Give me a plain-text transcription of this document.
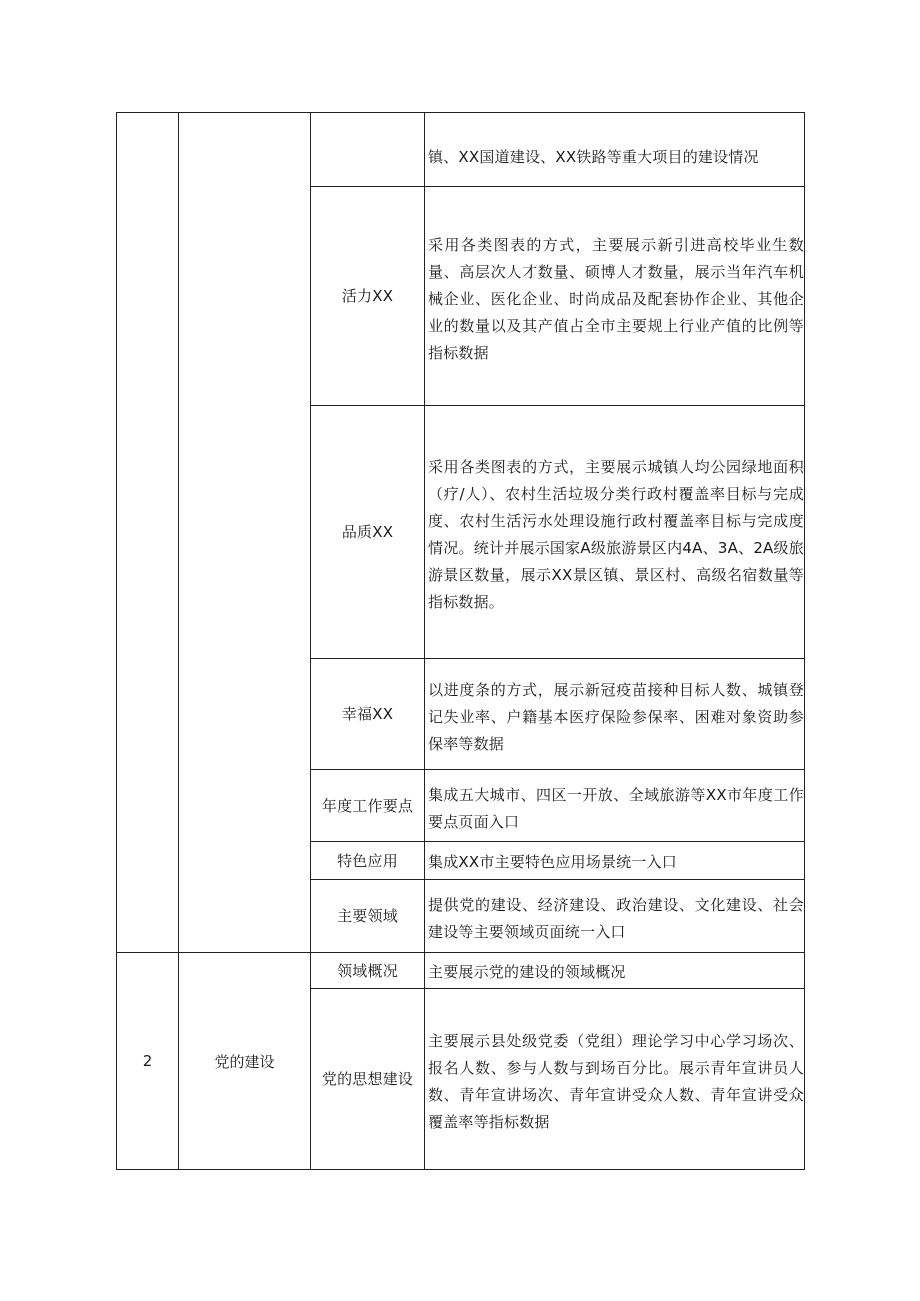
			镇、XX国道建设、XX铁路等重大项目的建设情况

		活力XX	采用各类图表的方式，主要展示新引进高校毕业生数量、高层次人才数量、硕博人才数量，展示当年汽车机械企业、医化企业、时尚成品及配套协作企业、其他企业的数量以及其产值占全市主要规上行业产值的比例等指标数据

		品质XX	采用各类图表的方式，主要展示城镇人均公园绿地面积（疗/人）、农村生活垃圾分类行政村覆盖率目标与完成度、农村生活污水处理设施行政村覆盖率目标与完成度情况。统计并展示国家A级旅游景区内4A、3A、2A级旅游景区数量，展示XX景区镇、景区村、高级名宿数量等指标数据。

		幸福XX	以进度条的方式，展示新冠疫苗接种目标人数、城镇登记失业率、户籍基本医疗保险参保率、困难对象资助参保率等数据

		年度工作要点	集成五大城市、四区一开放、全域旅游等XX市年度工作要点页面入口

		特色应用	集成XX市主要特色应用场景统一入口

		主要领域	提供党的建设、经济建设、政治建设、文化建设、社会建设等主要领域页面统一入口

2	党的建设	领域概况	主要展示党的建设的领域概况

		党的思想建设	主要展示县处级党委（党组）理论学习中心学习场次、报名人数、参与人数与到场百分比。展示青年宣讲员人数、青年宣讲场次、青年宣讲受众人数、青年宣讲受众覆盖率等指标数据
